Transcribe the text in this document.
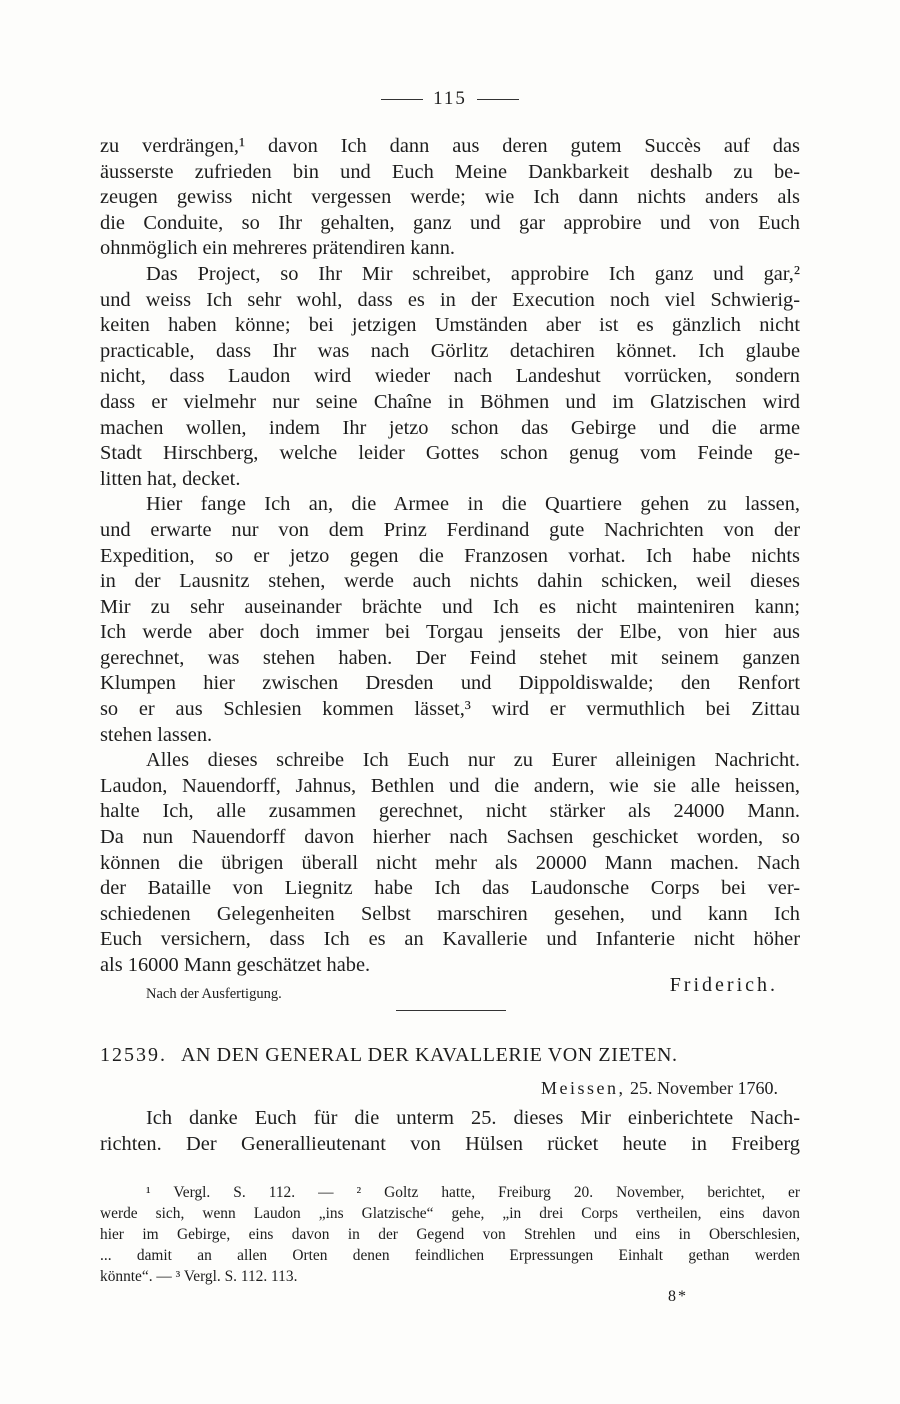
115
zu verdrängen,¹ davon Ich dann aus deren gutem Succès auf das
äusserste zufrieden bin und Euch Meine Dankbarkeit deshalb zu be-
zeugen gewiss nicht vergessen werde; wie Ich dann nichts anders als
die Conduite, so Ihr gehalten, ganz und gar approbire und von Euch
ohnmöglich ein mehreres prätendiren kann.
Das Project, so Ihr Mir schreibet, approbire Ich ganz und gar,²
und weiss Ich sehr wohl, dass es in der Execution noch viel Schwierig-
keiten haben könne; bei jetzigen Umständen aber ist es gänzlich nicht
practicable, dass Ihr was nach Görlitz detachiren könnet. Ich glaube
nicht, dass Laudon wird wieder nach Landeshut vorrücken, sondern
dass er vielmehr nur seine Chaîne in Böhmen und im Glatzischen wird
machen wollen, indem Ihr jetzo schon das Gebirge und die arme
Stadt Hirschberg, welche leider Gottes schon genug vom Feinde ge-
litten hat, decket.
Hier fange Ich an, die Armee in die Quartiere gehen zu lassen,
und erwarte nur von dem Prinz Ferdinand gute Nachrichten von der
Expedition, so er jetzo gegen die Franzosen vorhat. Ich habe nichts
in der Lausnitz stehen, werde auch nichts dahin schicken, weil dieses
Mir zu sehr auseinander brächte und Ich es nicht mainteniren kann;
Ich werde aber doch immer bei Torgau jenseits der Elbe, von hier aus
gerechnet, was stehen haben. Der Feind stehet mit seinem ganzen
Klumpen hier zwischen Dresden und Dippoldiswalde; den Renfort
so er aus Schlesien kommen lässet,³ wird er vermuthlich bei Zittau
stehen lassen.
Alles dieses schreibe Ich Euch nur zu Eurer alleinigen Nachricht.
Laudon, Nauendorff, Jahnus, Bethlen und die andern, wie sie alle heissen,
halte Ich, alle zusammen gerechnet, nicht stärker als 24000 Mann.
Da nun Nauendorff davon hierher nach Sachsen geschicket worden, so
können die übrigen überall nicht mehr als 20000 Mann machen. Nach
der Bataille von Liegnitz habe Ich das Laudonsche Corps bei ver-
schiedenen Gelegenheiten Selbst marschiren gesehen, und kann Ich
Euch versichern, dass Ich es an Kavallerie und Infanterie nicht höher
als 16000 Mann geschätzet habe.
Nach der Ausfertigung.	Friderich.
12539. AN DEN GENERAL DER KAVALLERIE VON ZIETEN.
Meissen, 25. November 1760.
Ich danke Euch für die unterm 25. dieses Mir einberichtete Nach-
richten. Der Generallieutenant von Hülsen rücket heute in Freiberg
¹ Vergl. S. 112. — ² Goltz hatte, Freiburg 20. November, berichtet, er
werde sich, wenn Laudon „ins Glatzische“ gehe, „in drei Corps vertheilen, eins davon
hier im Gebirge, eins davon in der Gegend von Strehlen und eins in Oberschlesien,
... damit an allen Orten denen feindlichen Erpressungen Einhalt gethan werden
könnte“. — ³ Vergl. S. 112. 113.
8*
